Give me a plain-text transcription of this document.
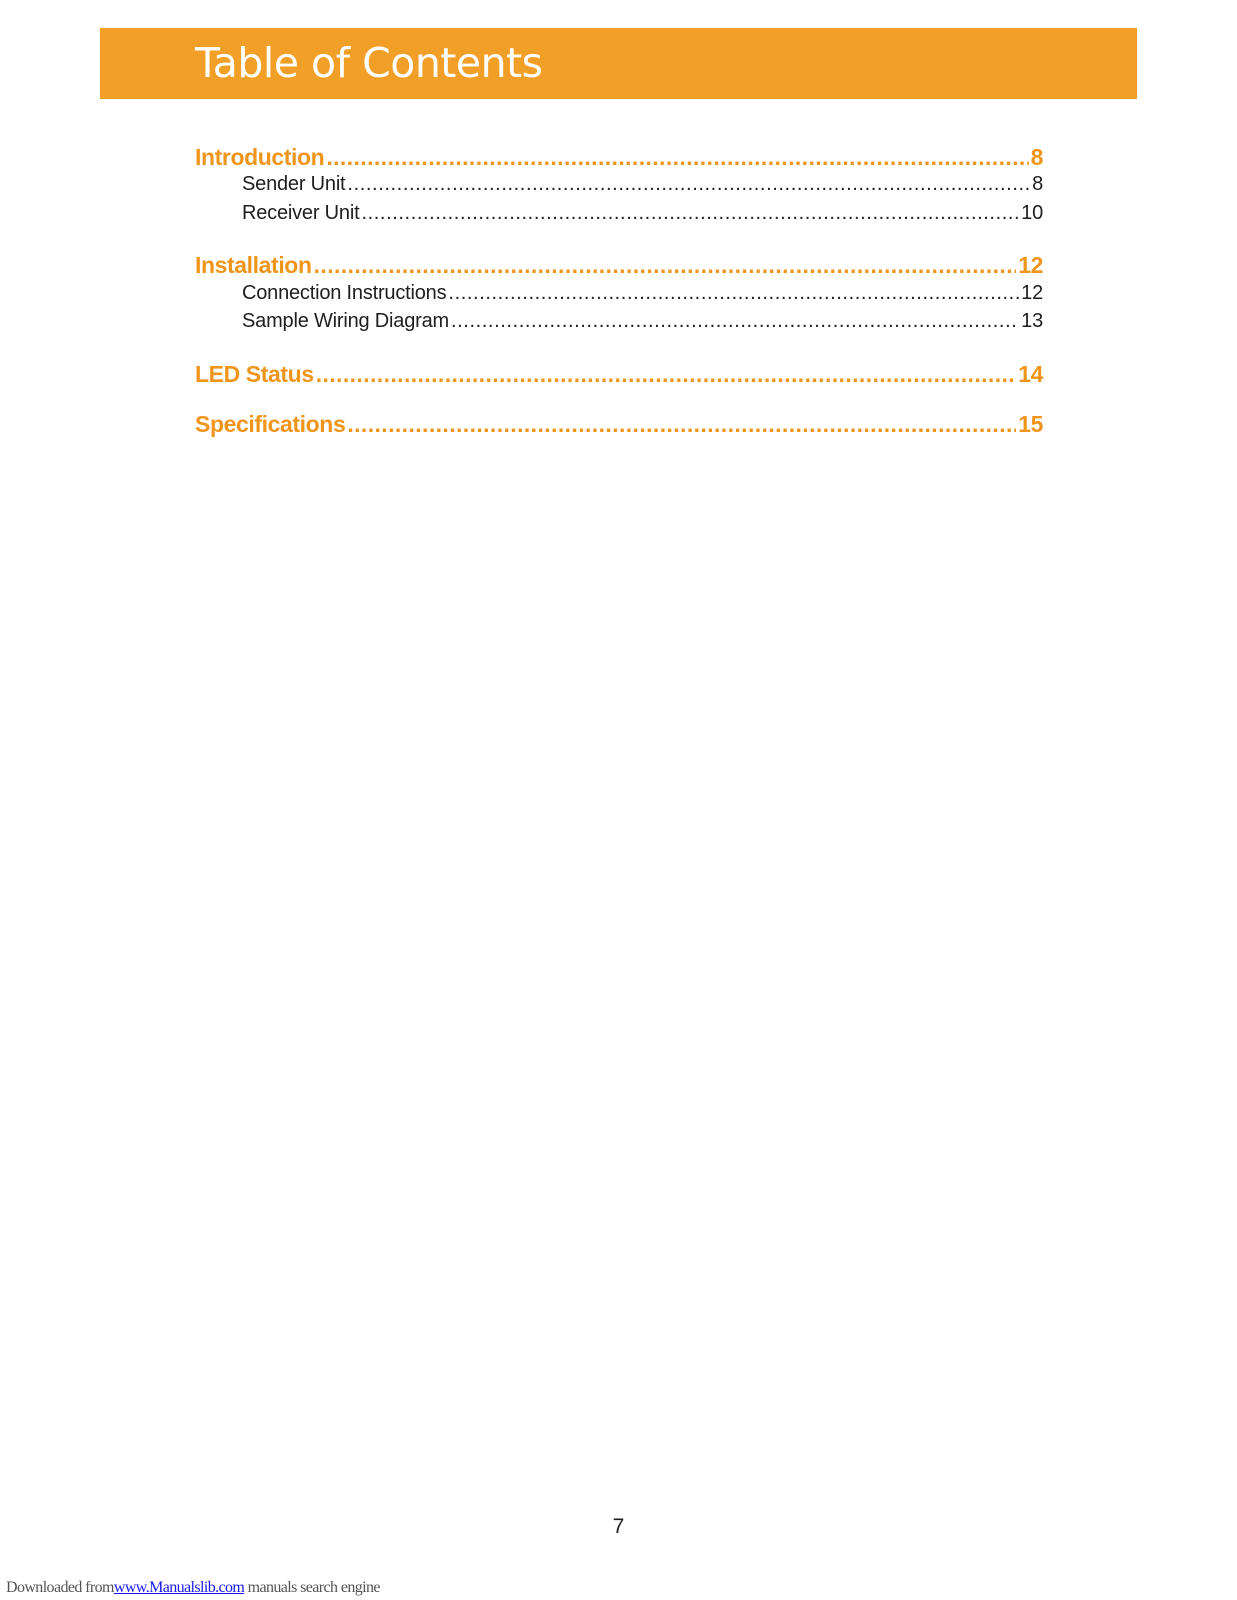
Table of Contents
Introduction .....	8
Sender Unit .....	8
Receiver Unit .....	10
Installation .....	12
Connection Instructions .....	12
Sample Wiring Diagram .....	13
LED Status .....	14
Specifications .....	15
7
Downloaded fromwww.Manualslib.com manuals search engine
